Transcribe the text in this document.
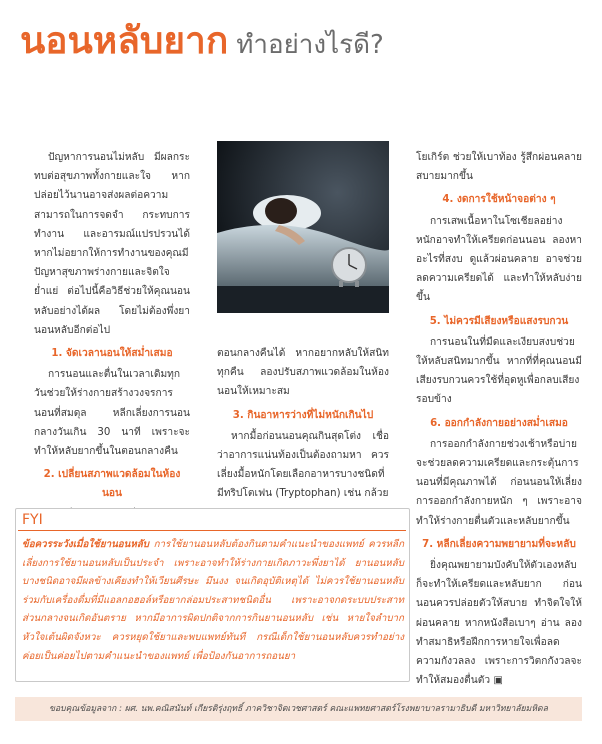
นอนหลับยาก ทำอย่างไรดี?

ปัญหาการนอนไม่หลับ มีผลกระทบต่อสุขภาพทั้งกายและใจ หากปล่อยไว้นานอาจส่งผลต่อความสามารถในการจดจำ กระทบการทำงาน และอารมณ์แปรปรวนได้ หากไม่อยากให้การทำงานของคุณมีปัญหาสุขภาพร่างกายและจิตใจย่ำแย่ ต่อไปนี้คือวิธีช่วยให้คุณนอนหลับอย่างได้ผล โดยไม่ต้องพึ่งยานอนหลับอีกต่อไป

1. จัดเวลานอนให้สม่ำเสมอ

การนอนและตื่นในเวลาเดิมทุกวันช่วยให้ร่างกายสร้างวงจรการนอนที่สมดุล หลีกเลี่ยงการนอนกลางวันเกิน 30 นาที เพราะจะทำให้หลับยากขึ้นในตอนกลางคืน

2. เปลี่ยนสภาพแวดล้อมในห้องนอน

ตอนกลางคืนได้ หากอยากหลับให้สนิททุกคืน ลองปรับสภาพแวดล้อมในห้องนอนให้เหมาะสม

3. กินอาหารว่างที่ไม่หนักเกินไป

หากมื้อก่อนนอนคุณกินสุดโต่ง เชื่อว่าอาการแน่นท้องเป็นต้องถามหา ควรเลี่ยงมื้อหนักโดยเลือกอาหารบางชนิดที่มีทริปโตเฟน (Tryptophan) เช่น กล้วย

โยเกิร์ต ช่วยให้เบาท้อง รู้สึกผ่อนคลายสบายมากขึ้น

4. งดการใช้หน้าจอต่าง ๆ

การเสพเนื้อหาในโซเชียลอย่างหนักอาจทำให้เครียดก่อนนอน ลองหาอะไรที่สงบ ดูแล้วผ่อนคลาย อาจช่วยลดความเครียดได้ และทำให้หลับง่ายขึ้น

5. ไม่ควรมีเสียงหรือแสงรบกวน

การนอนในที่มืดและเงียบสงบช่วยให้หลับสนิทมากขึ้น หากที่ที่คุณนอนมีเสียงรบกวนควรใช้ที่อุดหูเพื่อกลบเสียงรอบข้าง

6. ออกกำลังกายอย่างสม่ำเสมอ

การออกกำลังกายช่วงเช้าหรือบ่ายจะช่วยลดความเครียดและกระตุ้นการนอนที่มีคุณภาพได้ ก่อนนอนให้เลี่ยงการออกกำลังกายหนัก ๆ เพราะอาจทำให้ร่างกายตื่นตัวและหลับยากขึ้น

7. หลีกเลี่ยงความพยายามที่จะหลับ

ยิ่งคุณพยายามบังคับให้ตัวเองหลับก็จะทำให้เครียดและหลับยาก ก่อนนอนควรปล่อยตัวให้สบาย ทำจิตใจให้ผ่อนคลาย หากหนังสือเบาๆ อ่าน ลองทำสมาธิหรือฝึกการหายใจเพื่อลดความกังวลลง เพราะการวิตกกังวลจะทำให้สมองตื่นตัว ▣

FYI
ข้อควรระวังเมื่อใช้ยานอนหลับ การใช้ยานอนหลับต้องกินตามคำแนะนำของแพทย์ ควรหลีกเลี่ยงการใช้ยานอนหลับเป็นประจำ เพราะอาจทำให้ร่างกายเกิดภาวะพึ่งยาได้ ยานอนหลับบางชนิดอาจมีผลข้างเคียงทำให้เวียนศีรษะ มึนงง จนเกิดอุบัติเหตุได้ ไม่ควรใช้ยานอนหลับร่วมกับเครื่องดื่มที่มีแอลกอฮอล์หรือยากล่อมประสาทชนิดอื่น เพราะอาจกดระบบประสาทส่วนกลางจนเกิดอันตราย หากมีอาการผิดปกติจากการกินยานอนหลับ เช่น หายใจลำบาก หัวใจเต้นผิดจังหวะ ควรหยุดใช้ยาและพบแพทย์ทันที กรณีเด็กใช้ยานอนหลับควรทำอย่างค่อยเป็นค่อยไปตามคำแนะนำของแพทย์ เพื่อป้องกันอาการถอนยา
ขอบคุณข้อมูลจาก : ผศ. นพ.คณิสนันท์ เกียรติรุ่งฤทธิ์ ภาควิชาจิตเวชศาสตร์ คณะแพทยศาสตร์โรงพยาบาลรามาธิบดี มหาวิทยาลัยมหิดล
